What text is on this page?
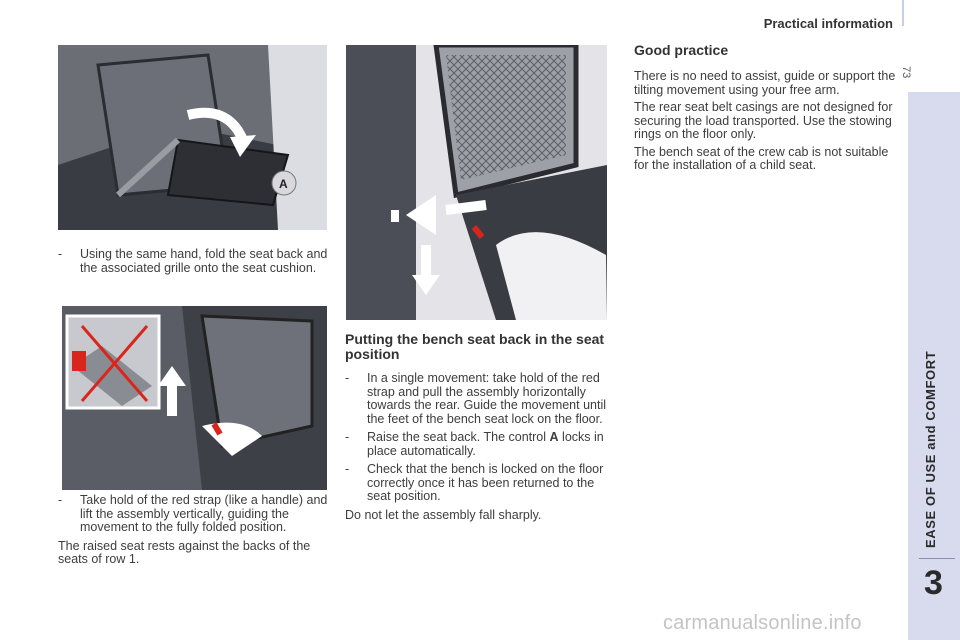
Practical information
73
EASE OF USE and COMFORT
3
A
- Using the same hand, fold the seat back and the associated grille onto the seat cushion.
- Take hold of the red strap (like a handle) and lift the assembly vertically, guiding the movement to the fully folded position.

The raised seat rests against the backs of the seats of row 1.

Putting the bench seat back in the seat position
- In a single movement: take hold of the red strap and pull the assembly horizontally towards the rear. Guide the movement until the feet of the bench seat lock on the floor.
- Raise the seat back. The control A locks in place automatically.
- Check that the bench is locked on the floor correctly once it has been returned to the seat position.

Do not let the assembly fall sharply.

Good practice

There is no need to assist, guide or support the tilting movement using your free arm.

The rear seat belt casings are not designed for securing the load transported. Use the stowing rings on the floor only.

The bench seat of the crew cab is not suitable for the installation of a child seat.

carmanualsonline.info
